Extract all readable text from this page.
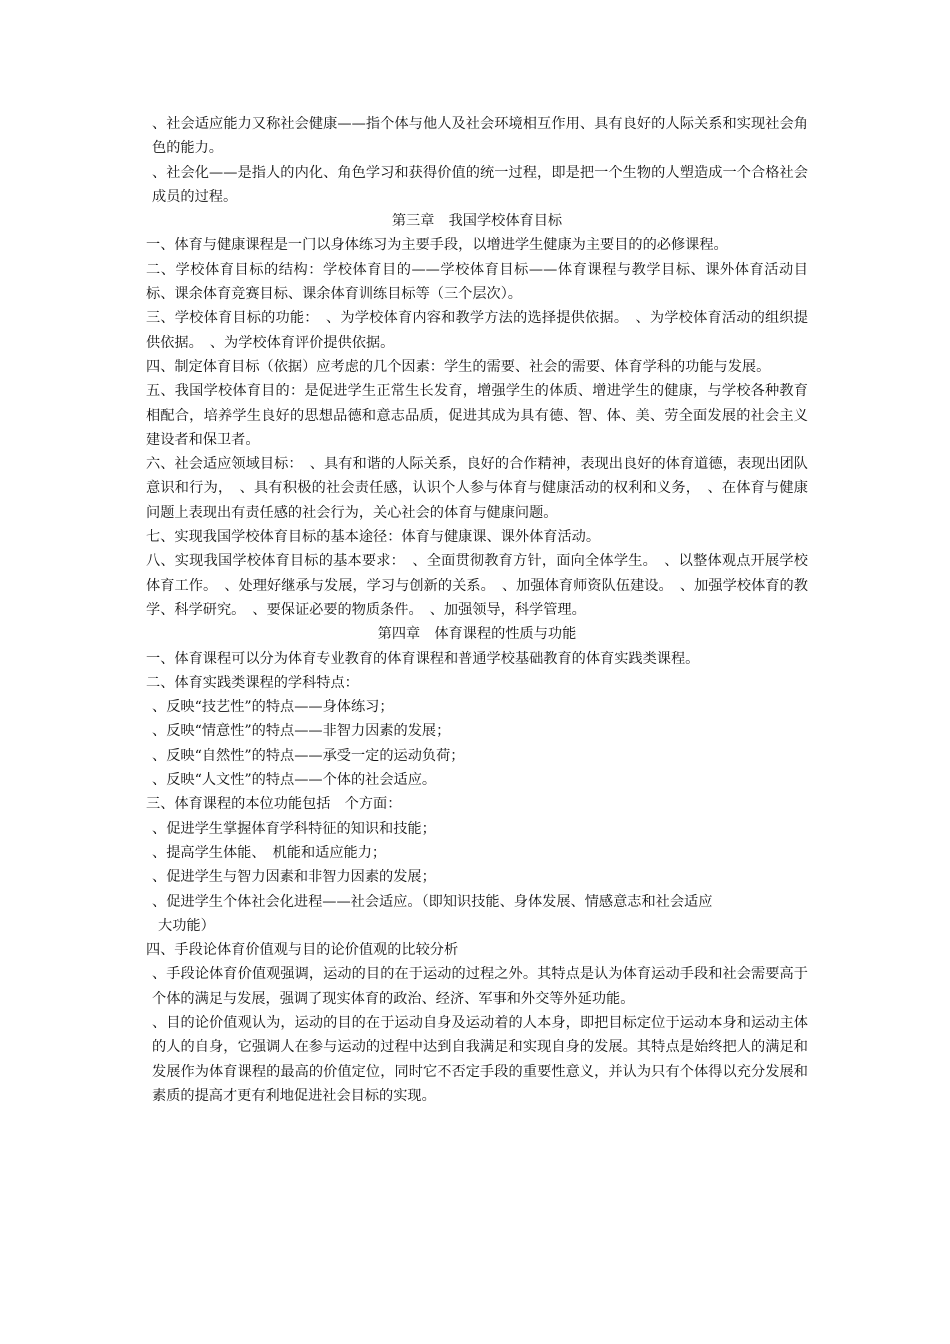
、社会适应能力又称社会健康——指个体与他人及社会环境相互作用、具有良好的人际关系和实现社会角色的能力。

、社会化——是指人的内化、角色学习和获得价值的统一过程，即是把一个生物的人塑造成一个合格社会成员的过程。

第三章　我国学校体育目标

一、体育与健康课程是一门以身体练习为主要手段，以增进学生健康为主要目的的必修课程。

二、学校体育目标的结构：学校体育目的——学校体育目标——体育课程与教学目标、课外体育活动目标、课余体育竞赛目标、课余体育训练目标等（三个层次）。

三、学校体育目标的功能：　、为学校体育内容和教学方法的选择提供依据。　、为学校体育活动的组织提供依据。　、为学校体育评价提供依据。

四、制定体育目标（依据）应考虑的几个因素：学生的需要、社会的需要、体育学科的功能与发展。

五、我国学校体育目的：是促进学生正常生长发育，增强学生的体质、增进学生的健康，与学校各种教育相配合，培养学生良好的思想品德和意志品质，促进其成为具有德、智、体、美、劳全面发展的社会主义建设者和保卫者。

六、社会适应领域目标：　、具有和谐的人际关系，良好的合作精神，表现出良好的体育道德，表现出团队意识和行为，　、具有积极的社会责任感，认识个人参与体育与健康活动的权利和义务，　、在体育与健康问题上表现出有责任感的社会行为，关心社会的体育与健康问题。

七、实现我国学校体育目标的基本途径：体育与健康课、课外体育活动。

八、实现我国学校体育目标的基本要求：　、全面贯彻教育方针，面向全体学生。　、以整体观点开展学校体育工作。　、处理好继承与发展，学习与创新的关系。　、加强体育师资队伍建设。　、加强学校体育的教学、科学研究。　、要保证必要的物质条件。　、加强领导，科学管理。

第四章　体育课程的性质与功能

一、体育课程可以分为体育专业教育的体育课程和普通学校基础教育的体育实践类课程。

二、体育实践类课程的学科特点：

、反映“技艺性”的特点——身体练习；

、反映“情意性”的特点——非智力因素的发展；

、反映“自然性”的特点——承受一定的运动负荷；

、反映“人文性”的特点——个体的社会适应。

三、体育课程的本位功能包括　个方面：

、促进学生掌握体育学科特征的知识和技能；

、提高学生体能、　机能和适应能力；

、促进学生与智力因素和非智力因素的发展；

、促进学生个体社会化进程——社会适应。（即知识技能、身体发展、情感意志和社会适应

大功能）

四、手段论体育价值观与目的论价值观的比较分析

、手段论体育价值观强调，运动的目的在于运动的过程之外。其特点是认为体育运动手段和社会需要高于个体的满足与发展，强调了现实体育的政治、经济、军事和外交等外延功能。

、目的论价值观认为，运动的目的在于运动自身及运动着的人本身，即把目标定位于运动本身和运动主体的人的自身，它强调人在参与运动的过程中达到自我满足和实现自身的发展。其特点是始终把人的满足和发展作为体育课程的最高的价值定位，同时它不否定手段的重要性意义，并认为只有个体得以充分发展和素质的提高才更有利地促进社会目标的实现。
